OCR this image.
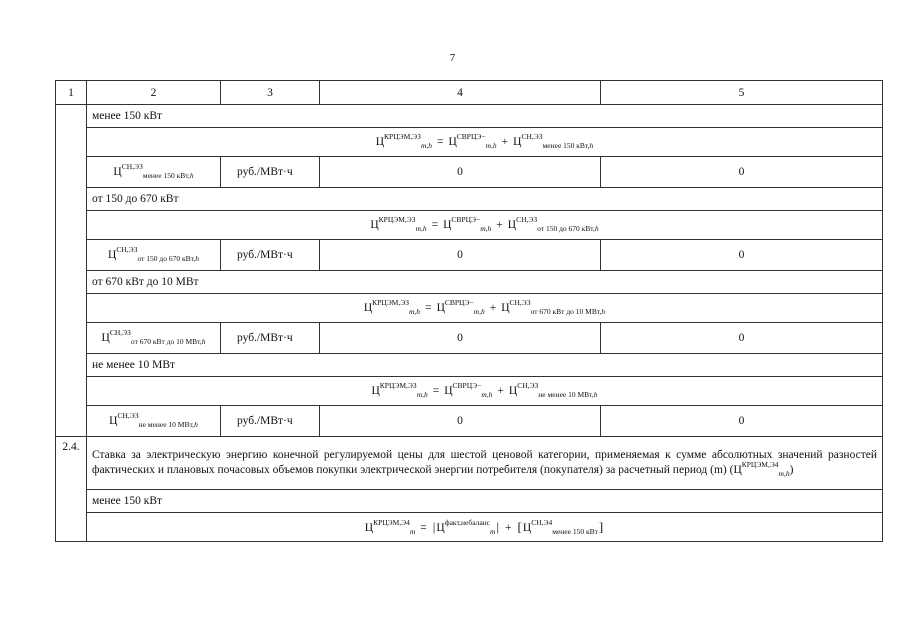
7
1	2	3	4	5
	менее 150 кВт			
	$Ц^{КРЦЭМ,ЭЗ}_{m,h} = Ц^{СВРЦЭ-}_{m,h} + Ц^{СН,ЭЗ}_{менее 150 кВт,h}$
	$Ц^{СН,ЭЗ}_{менее 150 кВт,h}$	руб./МВт·ч	0	0
	от 150 до 670 кВт			
	$Ц^{КРЦЭМ,ЭЗ}_{m,h} = Ц^{СВРЦЭ-}_{m,h} + Ц^{СН,ЭЗ}_{от 150 до 670 кВт,h}$
	$Ц^{СН,ЭЗ}_{от 150 до 670 кВт,h}$	руб./МВт·ч	0	0
	от 670 кВт до 10 МВт			
	$Ц^{КРЦЭМ,ЭЗ}_{m,h} = Ц^{СВРЦЭ-}_{m,h} + Ц^{СН,ЭЗ}_{от 670 кВт до 10 МВт,h}$
	$Ц^{СН,ЭЗ}_{от 670 кВт до 10 МВт,h}$	руб./МВт·ч	0	0
	не менее 10 МВт			
	$Ц^{КРЦЭМ,ЭЗ}_{m,h} = Ц^{СВРЦЭ-}_{m,h} + Ц^{СН,ЭЗ}_{не менее 10 МВт,h}$
	$Ц^{СН,ЭЗ}_{не менее 10 МВт,h}$	руб./МВт·ч	0	0
2.4.	Ставка за электрическую энергию конечной регулируемой цены для шестой ценовой категории, применяемая к сумме абсолютных значений разностей фактических и плановых почасовых объемов покупки электрической энергии потребителя (покупателя) за расчетный период (m) $(Ц^{КРЦЭМ,Э4}_{m,h})$			
	менее 150 кВт			
	$Ц^{КРЦЭМ,Э4}_m = |Ц^{факт,небаланс}_m| + [Ц^{СН,Э4}_{менее 150 кВт}]$			
